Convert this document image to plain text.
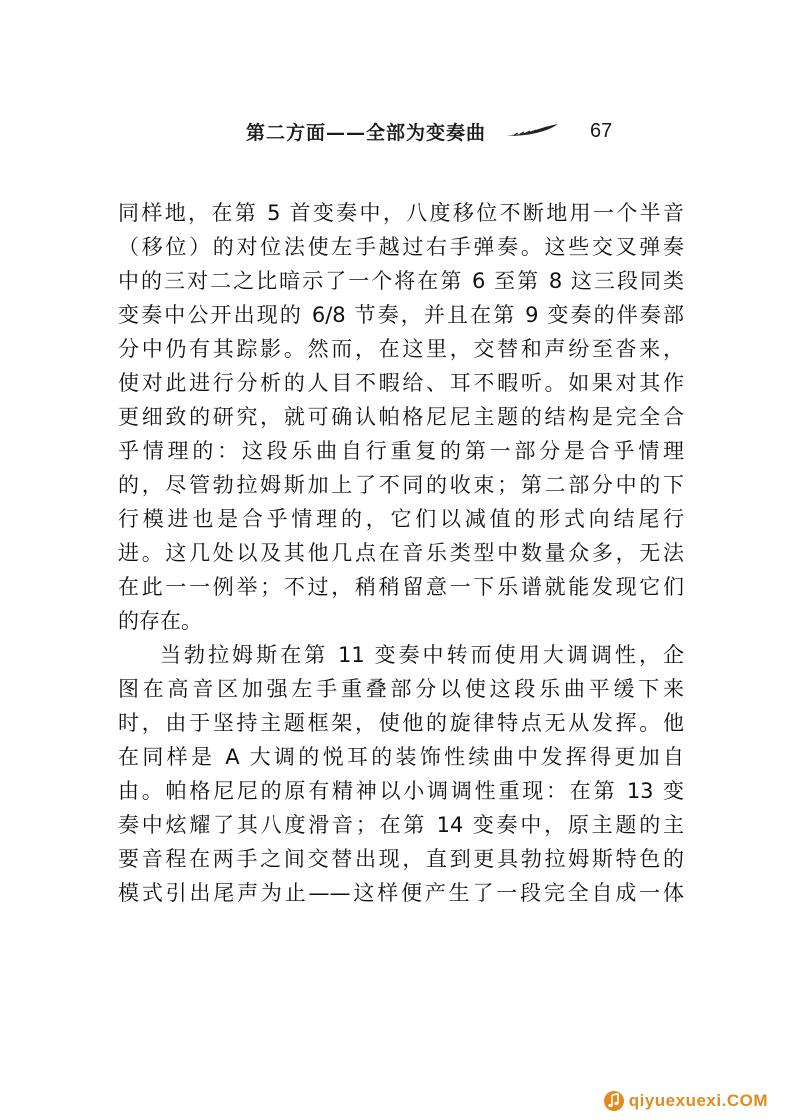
第二方面——全部为变奏曲	67

同样地，在第 5 首变奏中，八度移位不断地用一个半音
（移位）的对位法使左手越过右手弹奏。这些交叉弹奏
中的三对二之比暗示了一个将在第 6 至第 8 这三段同类
变奏中公开出现的 6/8 节奏，并且在第 9 变奏的伴奏部
分中仍有其踪影。然而，在这里，交替和声纷至沓来，
使对此进行分析的人目不暇给、耳不暇听。如果对其作
更细致的研究，就可确认帕格尼尼主题的结构是完全合
乎情理的：这段乐曲自行重复的第一部分是合乎情理
的，尽管勃拉姆斯加上了不同的收束；第二部分中的下
行模进也是合乎情理的，它们以减值的形式向结尾行
进。这几处以及其他几点在音乐类型中数量众多，无法
在此一一例举；不过，稍稍留意一下乐谱就能发现它们
的存在。

当勃拉姆斯在第 11 变奏中转而使用大调调性，企
图在高音区加强左手重叠部分以使这段乐曲平缓下来
时，由于坚持主题框架，使他的旋律特点无从发挥。他
在同样是 A 大调的悦耳的装饰性续曲中发挥得更加自
由。帕格尼尼的原有精神以小调调性重现：在第 13 变
奏中炫耀了其八度滑音；在第 14 变奏中，原主题的主
要音程在两手之间交替出现，直到更具勃拉姆斯特色的
模式引出尾声为止——这样便产生了一段完全自成一体

qiyuexuexi.COM
